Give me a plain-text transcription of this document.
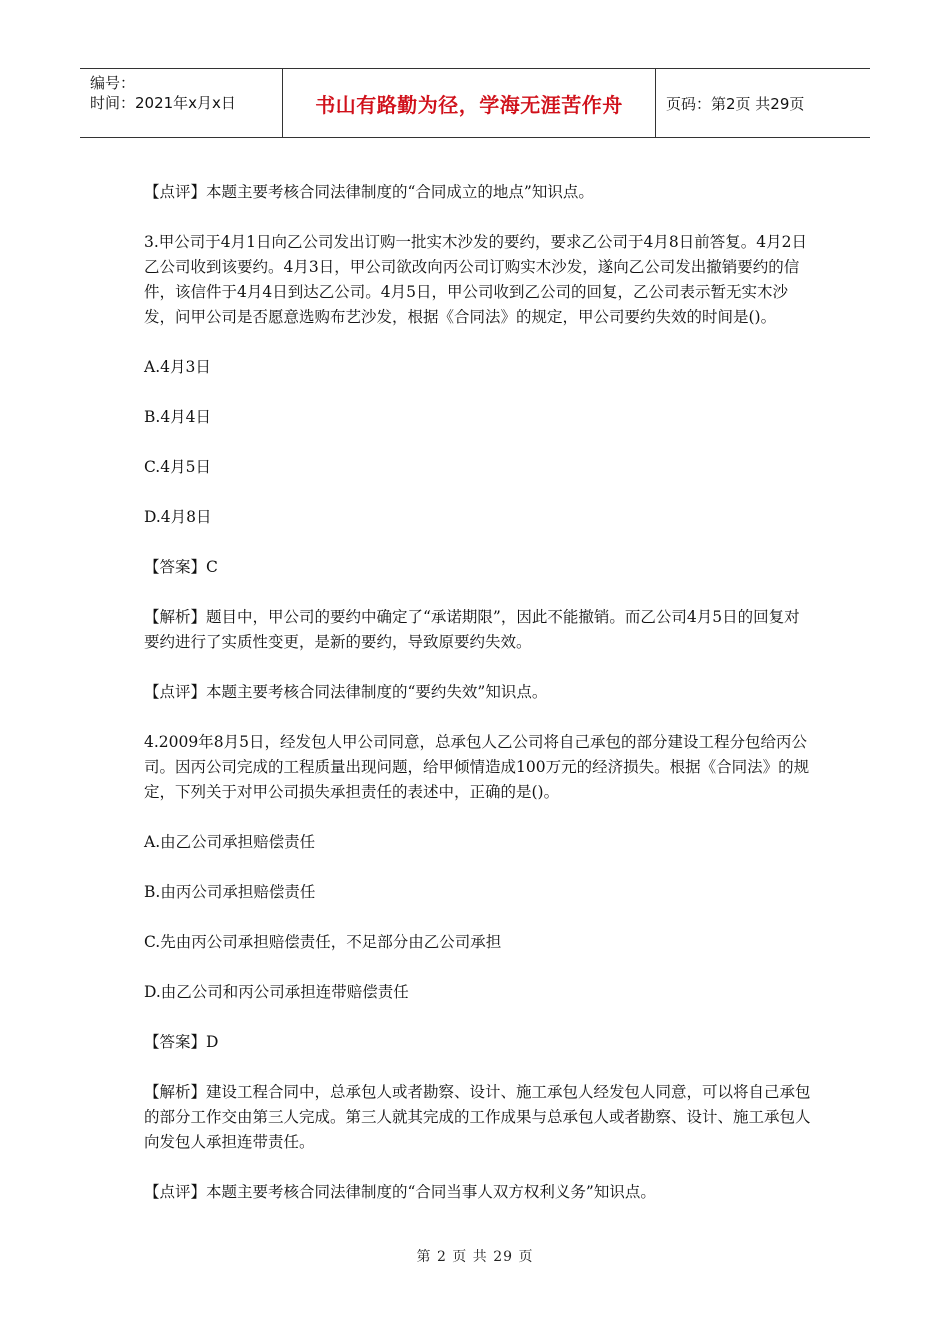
编号：
时间：2021年x月x日	书山有路勤为径，学海无涯苦作舟	页码：第2页 共29页

【点评】本题主要考核合同法律制度的“合同成立的地点”知识点。

3.甲公司于4月1日向乙公司发出订购一批实木沙发的要约，要求乙公司于4月8日前答复。4月2日乙公司收到该要约。4月3日，甲公司欲改向丙公司订购实木沙发，遂向乙公司发出撤销要约的信件，该信件于4月4日到达乙公司。4月5日，甲公司收到乙公司的回复，乙公司表示暂无实木沙发，问甲公司是否愿意选购布艺沙发，根据《合同法》的规定，甲公司要约失效的时间是()。

A.4月3日

B.4月4日

C.4月5日

D.4月8日

【答案】C

【解析】题目中，甲公司的要约中确定了“承诺期限”，因此不能撤销。而乙公司4月5日的回复对要约进行了实质性变更，是新的要约，导致原要约失效。

【点评】本题主要考核合同法律制度的“要约失效”知识点。

4.2009年8月5日，经发包人甲公司同意，总承包人乙公司将自己承包的部分建设工程分包给丙公司。因丙公司完成的工程质量出现问题，给甲倾情造成100万元的经济损失。根据《合同法》的规定，下列关于对甲公司损失承担责任的表述中，正确的是()。

A.由乙公司承担赔偿责任

B.由丙公司承担赔偿责任

C.先由丙公司承担赔偿责任，不足部分由乙公司承担

D.由乙公司和丙公司承担连带赔偿责任

【答案】D

【解析】建设工程合同中，总承包人或者勘察、设计、施工承包人经发包人同意，可以将自己承包的部分工作交由第三人完成。第三人就其完成的工作成果与总承包人或者勘察、设计、施工承包人向发包人承担连带责任。

【点评】本题主要考核合同法律制度的“合同当事人双方权利义务”知识点。

第 2 页 共 29 页
